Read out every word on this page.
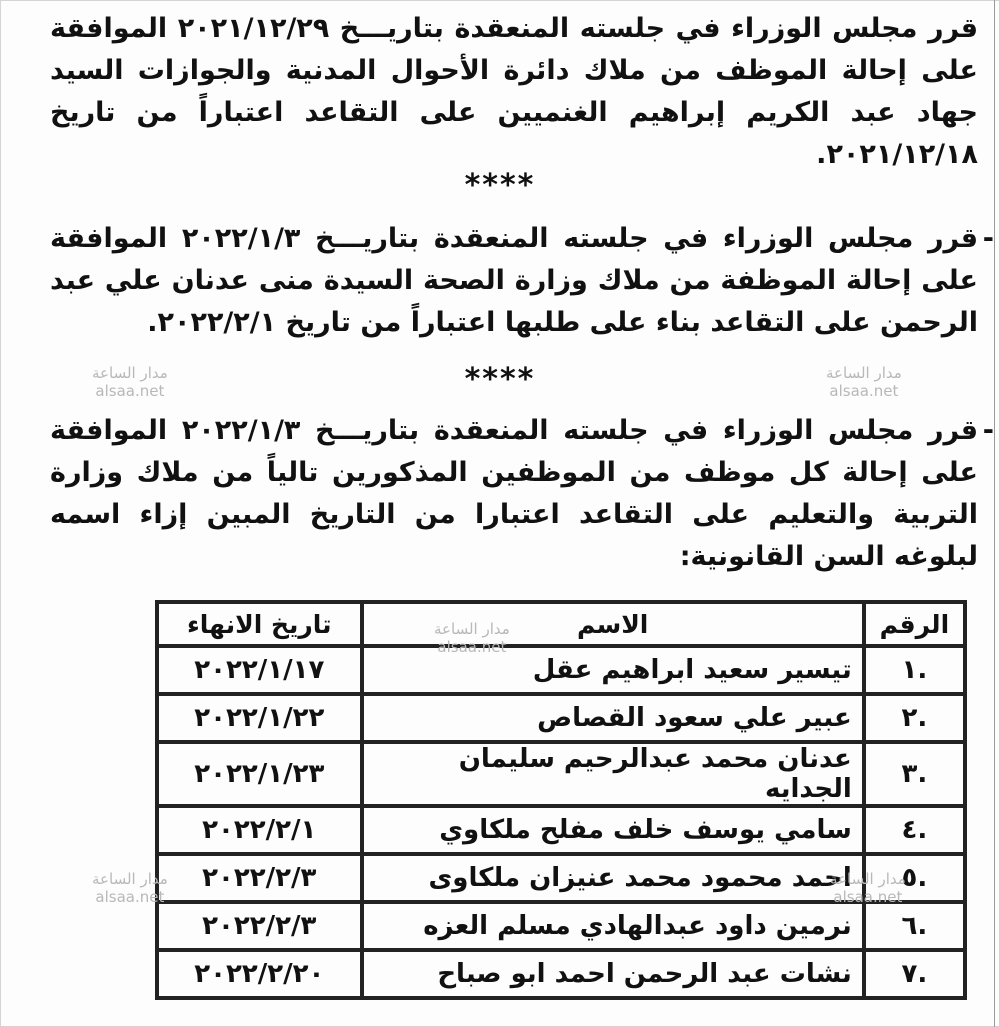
قرر مجلس الوزراء في جلسته المنعقدة بتاريـــخ ٢٠٢١/١٢/٢٩ الموافقة على إحالة الموظف من ملاك دائرة الأحوال المدنية والجوازات السيد جهاد عبد الكريم إبراهيم الغنميين على التقاعد اعتباراً من تاريخ ٢٠٢١/١٢/١٨.

****

-
قرر مجلس الوزراء في جلسته المنعقدة بتاريـــخ ٢٠٢٢/١/٣ الموافقة على إحالة الموظفة من ملاك وزارة الصحة السيدة منى عدنان علي عبد الرحمن على التقاعد بناء على طلبها اعتباراً من تاريخ ٢٠٢٢/٢/١.

****

-
قرر مجلس الوزراء في جلسته المنعقدة بتاريـــخ ٢٠٢٢/١/٣ الموافقة على إحالة كل موظف من الموظفين المذكورين تالياً من ملاك وزارة التربية والتعليم على التقاعد اعتبارا من التاريخ المبين إزاء اسمه لبلوغه السن القانونية:

الرقم	الاسم	تاريخ الانهاء
.١	تيسير سعيد ابراهيم عقل	٢٠٢٢/١/١٧
.٢	عبير علي سعود القصاص	٢٠٢٢/١/٢٢
.٣	عدنان محمد عبدالرحيم سليمان الجدايه	٢٠٢٢/١/٢٣
.٤	سامي يوسف خلف مفلح ملكاوي	٢٠٢٢/٢/١
.٥	احمد محمود محمد عنيزان ملكاوى	٢٠٢٢/٢/٣
.٦	نرمين داود عبدالهادي مسلم العزه	٢٠٢٢/٢/٣
.٧	نشات عبد الرحمن احمد ابو صباح	٢٠٢٢/٢/٢٠
مدار الساعة
alsaa.net
مدار الساعة
alsaa.net
مدار الساعة
alsaa.net
مدار الساعة
alsaa.net
مدار الساعة
alsaa.net
